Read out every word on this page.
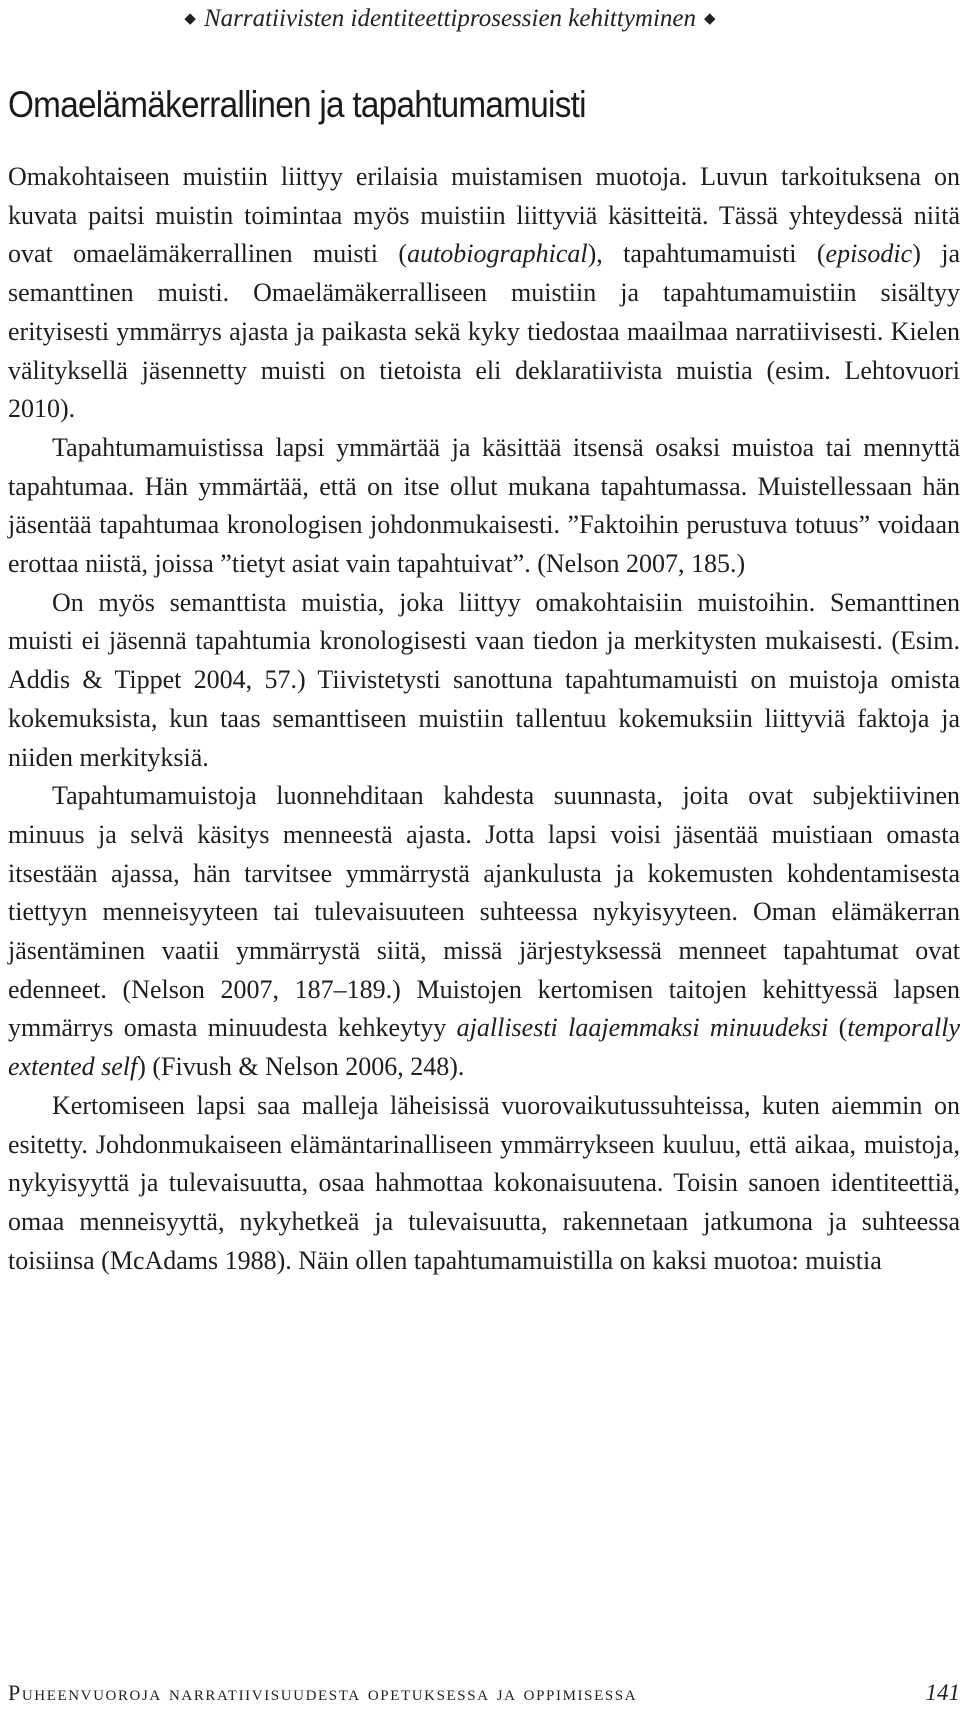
◆ Narratiivisten identiteettiprosessien kehittyminen ◆
Omaelämäkerrallinen ja tapahtumamuisti

Omakohtaiseen muistiin liittyy erilaisia muistamisen muotoja. Luvun tarkoituksena on kuvata paitsi muistin toimintaa myös muistiin liittyviä käsitteitä. Tässä yhteydessä niitä ovat omaelämäkerrallinen muisti (autobiographical), tapahtumamuisti (episodic) ja semanttinen muisti. Omaelämäkerralliseen muistiin ja tapahtumamuistiin sisältyy erityisesti ymmärrys ajasta ja paikasta sekä kyky tiedostaa maailmaa narratiivisesti. Kielen välityksellä jäsennetty muisti on tietoista eli deklaratiivista muistia (esim. Lehtovuori 2010).

Tapahtumamuistissa lapsi ymmärtää ja käsittää itsensä osaksi muistoa tai mennyttä tapahtumaa. Hän ymmärtää, että on itse ollut mukana tapahtumassa. Muistellessaan hän jäsentää tapahtumaa kronologisen johdonmukaisesti. ”Faktoihin perustuva totuus” voidaan erottaa niistä, joissa ”tietyt asiat vain tapahtuivat”. (Nelson 2007, 185.)

On myös semanttista muistia, joka liittyy omakohtaisiin muistoihin. Semanttinen muisti ei jäsennä tapahtumia kronologisesti vaan tiedon ja merkitysten mukaisesti. (Esim. Addis & Tippet 2004, 57.) Tiivistetysti sanottuna tapahtumamuisti on muistoja omista kokemuksista, kun taas semanttiseen muistiin tallentuu kokemuksiin liittyviä faktoja ja niiden merkityksiä.

Tapahtumamuistoja luonnehditaan kahdesta suunnasta, joita ovat subjektiivinen minuus ja selvä käsitys menneestä ajasta. Jotta lapsi voisi jäsentää muistiaan omasta itsestään ajassa, hän tarvitsee ymmärrystä ajankulusta ja kokemusten kohdentamisesta tiettyyn menneisyyteen tai tulevaisuuteen suhteessa nykyisyyteen. Oman elämäkerran jäsentäminen vaatii ymmärrystä siitä, missä järjestyksessä menneet tapahtumat ovat edenneet. (Nelson 2007, 187–189.) Muistojen kertomisen taitojen kehittyessä lapsen ymmärrys omasta minuudesta kehkeytyy ajallisesti laajemmaksi minuudeksi (temporally extented self) (Fivush & Nelson 2006, 248).

Kertomiseen lapsi saa malleja läheisissä vuorovaikutussuhteissa, kuten aiemmin on esitetty. Johdonmukaiseen elämäntarinalliseen ymmärrykseen kuuluu, että aikaa, muistoja, nykyisyyttä ja tulevaisuutta, osaa hahmottaa kokonaisuutena. Toisin sanoen identiteettiä, omaa menneisyyttä, nykyhetkeä ja tulevaisuutta, rakennetaan jatkumona ja suhteessa toisiinsa (McAdams 1988). Näin ollen tapahtumamuistilla on kaksi muotoa: muistia

Puheenvuoroja narratiivisuudesta opetuksessa ja oppimisessa	141
